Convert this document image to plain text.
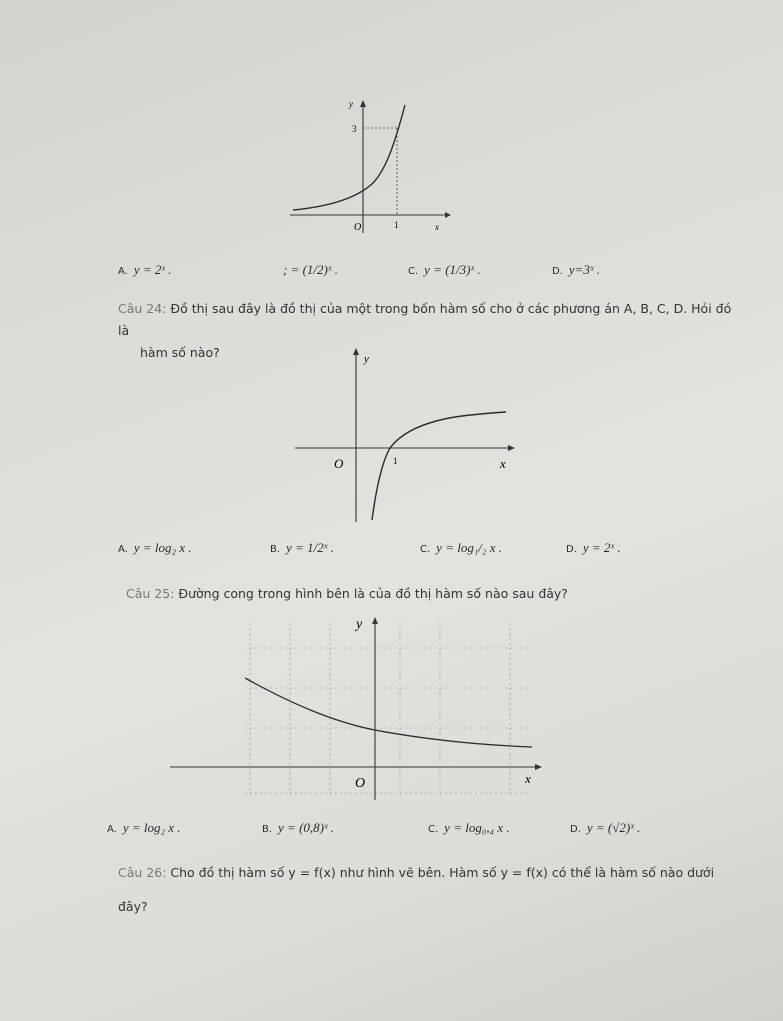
y
3
O	1	x
A. y = 2ˣ .	; = (1/2)ˣ .	C. y = (1/3)ˣ .	D. y=3ˣ .
Câu 24: Đồ thị sau đây là đồ thị của một trong bốn hàm số cho ở các phương án A, B, C, D. Hỏi đó là
hàm số nào?	y
O	1	x
A. y = log₂ x .	B. y = 1/2ˣ .	C. y = log₁/₂ x .	D. y = 2ˣ .
Câu 25: Đường cong trong hình bên là của đồ thị hàm số nào sau đây?
y
O	x
A. y = log₂ x .	B. y = (0,8)ˣ .	C. y = log₀,₄ x .	D. y = (√2)ˣ .
Câu 26: Cho đồ thị hàm số y = f(x) như hình vẽ bên. Hàm số y = f(x) có thể là hàm số nào dưới
đây?
